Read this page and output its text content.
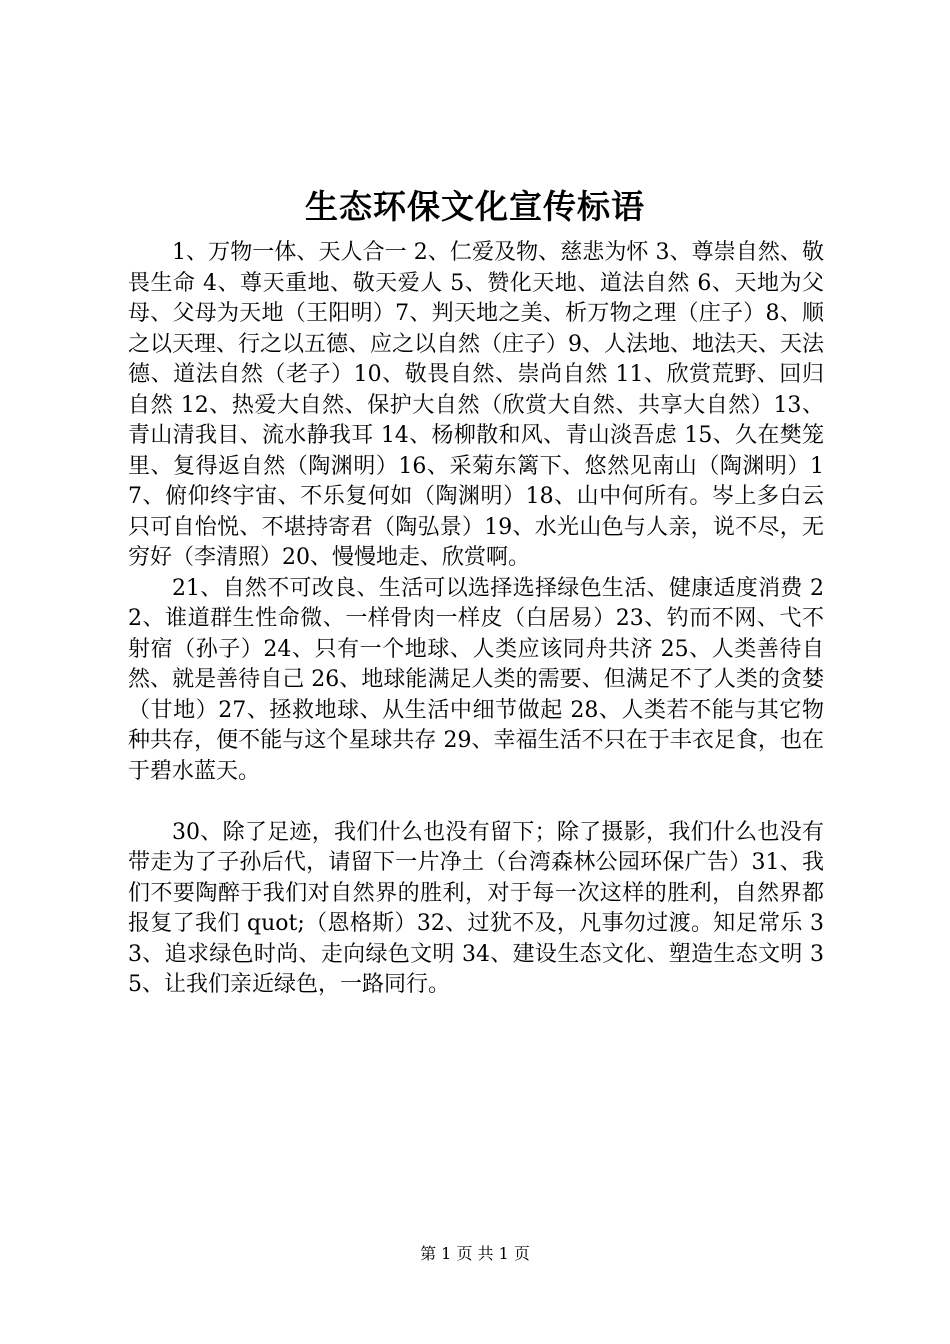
生态环保文化宣传标语

1、万物一体、天人合一 2、仁爱及物、慈悲为怀 3、尊崇自然、敬畏生命 4、尊天重地、敬天爱人 5、赞化天地、道法自然 6、天地为父母、父母为天地（王阳明）7、判天地之美、析万物之理（庄子）8、顺之以天理、行之以五德、应之以自然（庄子）9、人法地、地法天、天法德、道法自然（老子）10、敬畏自然、崇尚自然 11、欣赏荒野、回归自然 12、热爱大自然、保护大自然（欣赏大自然、共享大自然）13、青山清我目、流水静我耳 14、杨柳散和风、青山淡吾虑 15、久在樊笼里、复得返自然（陶渊明）16、采菊东篱下、悠然见南山（陶渊明）17、俯仰终宇宙、不乐复何如（陶渊明）18、山中何所有。岑上多白云只可自怡悦、不堪持寄君（陶弘景）19、水光山色与人亲，说不尽，无穷好（李清照）20、慢慢地走、欣赏啊。

21、自然不可改良、生活可以选择选择绿色生活、健康适度消费 22、谁道群生性命微、一样骨肉一样皮（白居易）23、钓而不网、弋不射宿（孙子）24、只有一个地球、人类应该同舟共济 25、人类善待自然、就是善待自己 26、地球能满足人类的需要、但满足不了人类的贪婪（甘地）27、拯救地球、从生活中细节做起 28、人类若不能与其它物种共存，便不能与这个星球共存 29、幸福生活不只在于丰衣足食，也在于碧水蓝天。

30、除了足迹，我们什么也没有留下；除了摄影，我们什么也没有带走为了子孙后代，请留下一片净土（台湾森林公园环保广告）31、我们不要陶醉于我们对自然界的胜利，对于每一次这样的胜利，自然界都报复了我们 quot;（恩格斯）32、过犹不及，凡事勿过渡。知足常乐 33、追求绿色时尚、走向绿色文明 34、建设生态文化、塑造生态文明 35、让我们亲近绿色，一路同行。

第 1 页 共 1 页
